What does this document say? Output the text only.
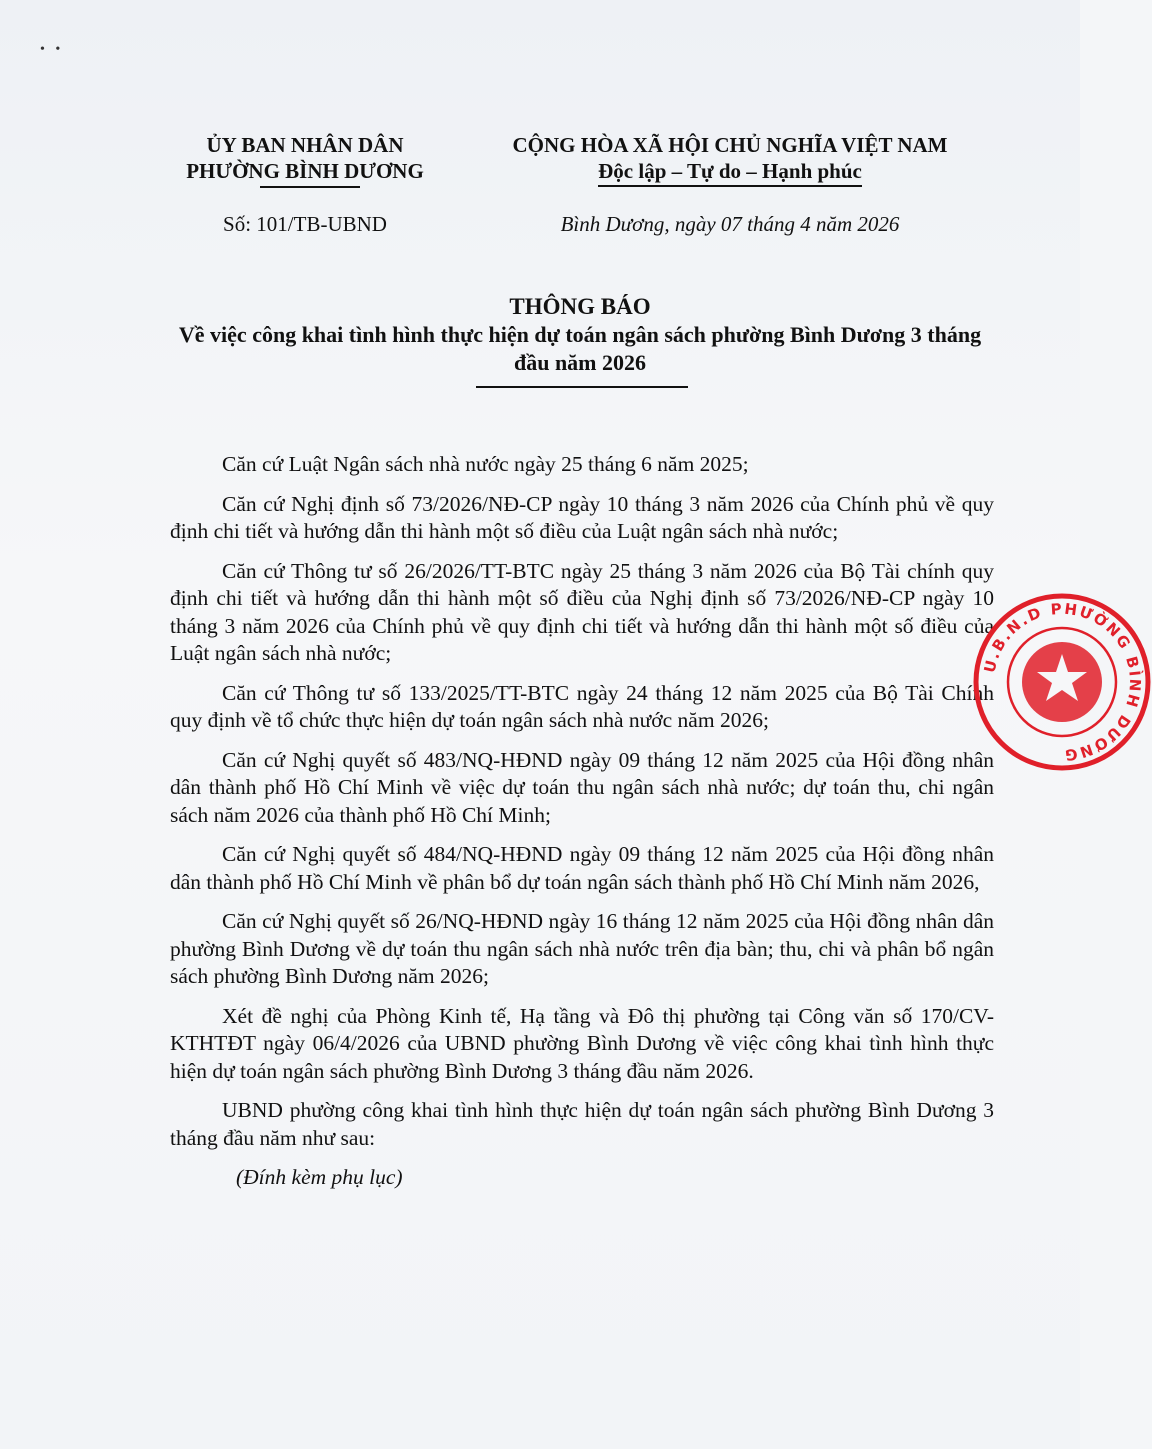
•   •
ỦY BAN NHÂN DÂN
PHƯỜNG BÌNH DƯƠNG
CỘNG HÒA XÃ HỘI CHỦ NGHĨA VIỆT NAM
Độc lập – Tự do – Hạnh phúc
Số: 101/TB-UBND	Bình Dương, ngày 07 tháng 4 năm 2026
THÔNG BÁO
Về việc công khai tình hình thực hiện dự toán ngân sách phường Bình Dương 3 tháng đầu năm 2026

Căn cứ Luật Ngân sách nhà nước ngày 25 tháng 6 năm 2025;

Căn cứ Nghị định số 73/2026/NĐ-CP ngày 10 tháng 3 năm 2026 của Chính phủ về quy định chi tiết và hướng dẫn thi hành một số điều của Luật ngân sách nhà nước;

Căn cứ Thông tư số 26/2026/TT-BTC ngày 25 tháng 3 năm 2026 của Bộ Tài chính quy định chi tiết và hướng dẫn thi hành một số điều của Nghị định số 73/2026/NĐ-CP ngày 10 tháng 3 năm 2026 của Chính phủ về quy định chi tiết và hướng dẫn thi hành một số điều của Luật ngân sách nhà nước;

Căn cứ Thông tư số 133/2025/TT-BTC ngày 24 tháng 12 năm 2025 của Bộ Tài Chính quy định về tổ chức thực hiện dự toán ngân sách nhà nước năm 2026;

Căn cứ Nghị quyết số 483/NQ-HĐND ngày 09 tháng 12 năm 2025 của Hội đồng nhân dân thành phố Hồ Chí Minh về việc dự toán thu ngân sách nhà nước; dự toán thu, chi ngân sách năm 2026 của thành phố Hồ Chí Minh;

Căn cứ Nghị quyết số 484/NQ-HĐND ngày 09 tháng 12 năm 2025 của Hội đồng nhân dân thành phố Hồ Chí Minh về phân bổ dự toán ngân sách thành phố Hồ Chí Minh năm 2026,

Căn cứ Nghị quyết số 26/NQ-HĐND ngày 16 tháng 12 năm 2025 của Hội đồng nhân dân phường Bình Dương về dự toán thu ngân sách nhà nước trên địa bàn; thu, chi và phân bổ ngân sách phường Bình Dương năm 2026;

Xét đề nghị của Phòng Kinh tế, Hạ tầng và Đô thị phường tại Công văn số 170/CV-KTHTĐT ngày 06/4/2026 của UBND phường Bình Dương về việc công khai tình hình thực hiện dự toán ngân sách phường Bình Dương 3 tháng đầu năm 2026.

UBND phường công khai tình hình thực hiện dự toán ngân sách phường Bình Dương 3 tháng đầu năm như sau:

(Đính kèm phụ lục)

U.B.N.D PHƯỜNG BÌNH DƯƠNG
